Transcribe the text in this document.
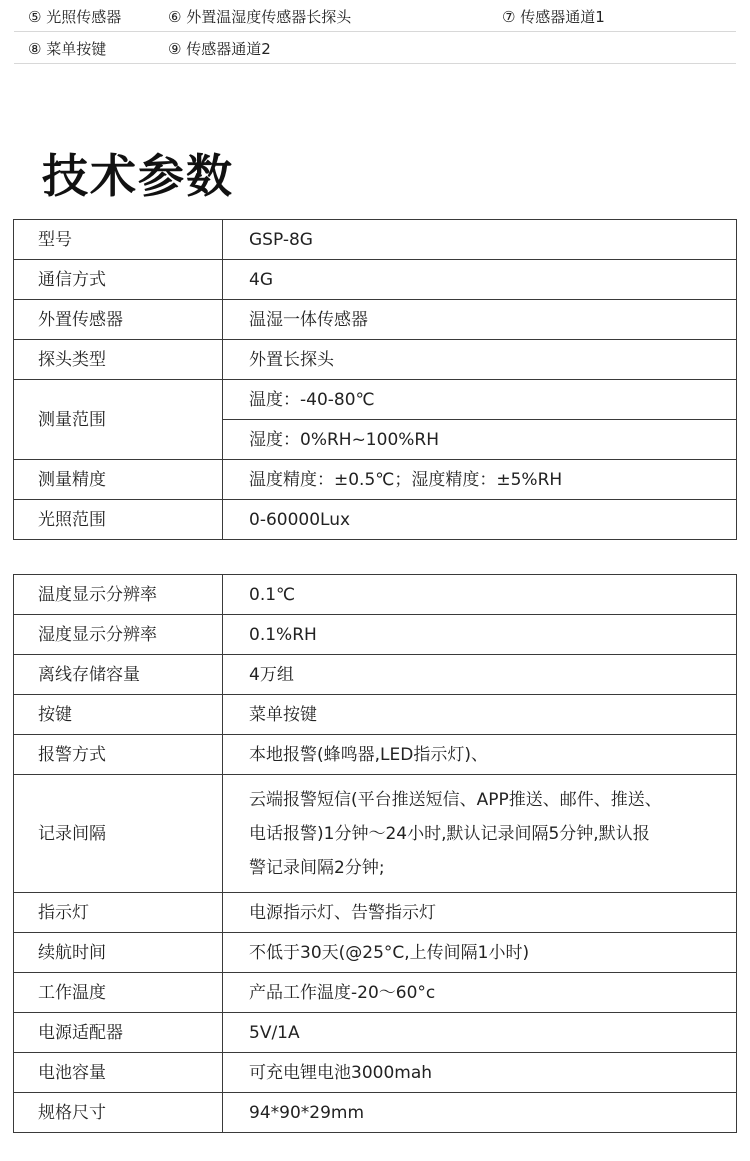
⑤ 光照传感器	⑥ 外置温湿度传感器长探头	⑦ 传感器通道1
⑧ 菜单按键	⑨ 传感器通道2
技术参数
型号	GSP-8G
通信方式	4G
外置传感器	温湿一体传感器
探头类型	外置长探头
测量范围	温度：-40-80℃
	湿度：0%RH~100%RH
测量精度	温度精度：±0.5℃；湿度精度：±5%RH
光照范围	0-60000Lux
温度显示分辨率	0.1℃
湿度显示分辨率	0.1%RH
离线存储容量	4万组
按键	菜单按键
报警方式	本地报警(蜂鸣器,LED指示灯)、
记录间隔	云端报警短信(平台推送短信、APP推送、邮件、推送、
电话报警)1分钟～24小时,默认记录间隔5分钟,默认报
警记录间隔2分钟;

指示灯	电源指示灯、告警指示灯
续航时间	不低于30天(@25°C,上传间隔1小时)
工作温度	产品工作温度-20～60°c
电源适配器	5V/1A
电池容量	可充电锂电池3000mah
规格尺寸	94*90*29mm
